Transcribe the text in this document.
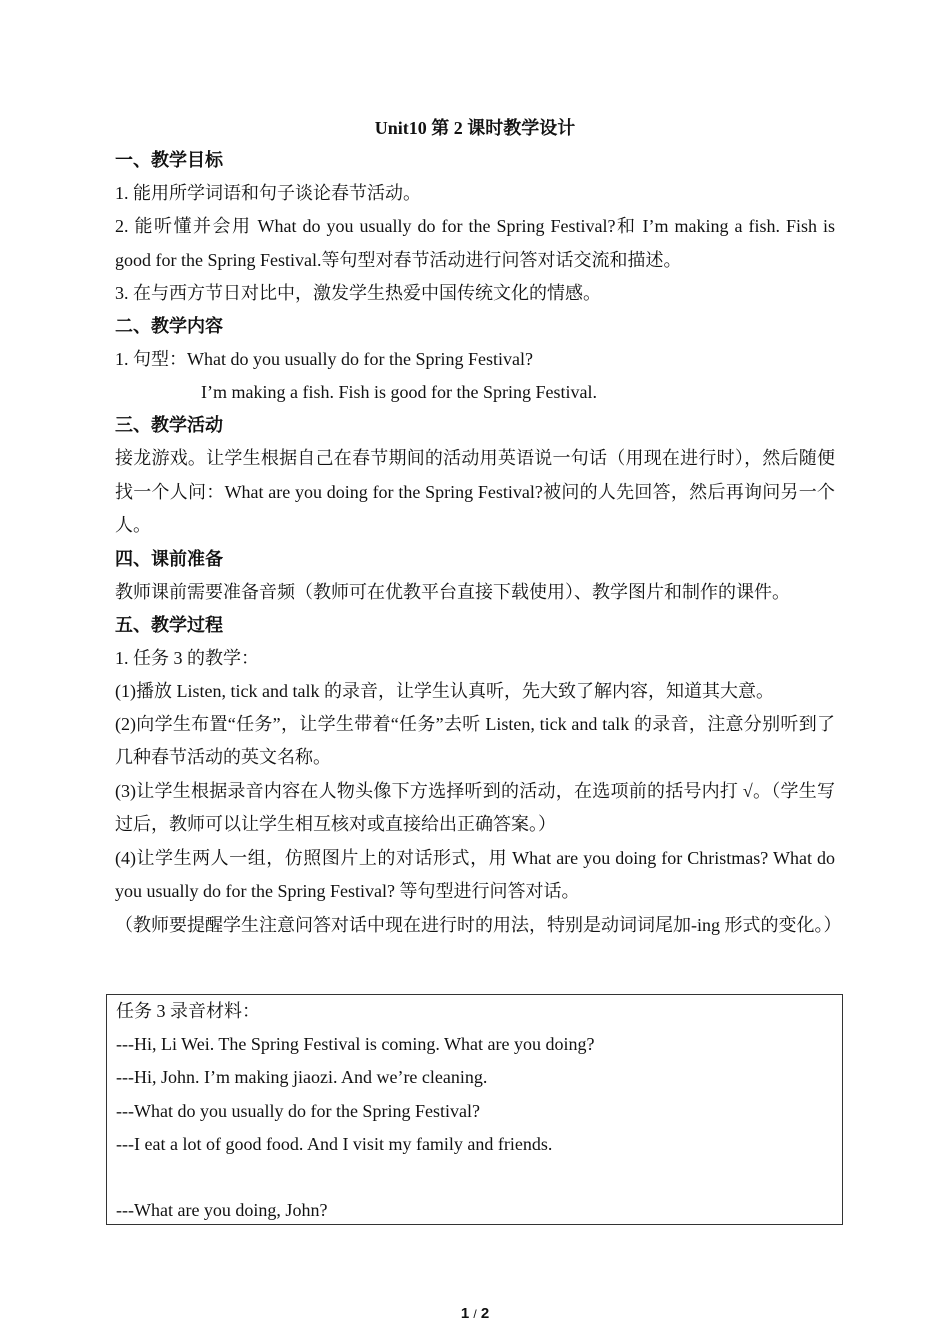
Unit10 第 2 课时教学设计
一、教学目标
1. 能用所学词语和句子谈论春节活动。
2. 能听懂并会用 What do you usually do for the Spring Festival?和 I’m making a fish. Fish is good for the Spring Festival.等句型对春节活动进行问答对话交流和描述。
3. 在与西方节日对比中，激发学生热爱中国传统文化的情感。
二、教学内容
1. 句型：What do you usually do for the Spring Festival?
I’m making a fish. Fish is good for the Spring Festival.
三、教学活动
接龙游戏。让学生根据自己在春节期间的活动用英语说一句话（用现在进行时），然后随便找一个人问：What are you doing for the Spring Festival?被问的人先回答，然后再询问另一个人。
四、课前准备
教师课前需要准备音频（教师可在优教平台直接下载使用）、教学图片和制作的课件。
五、教学过程
1. 任务 3 的教学：
(1)播放 Listen, tick and talk 的录音，让学生认真听，先大致了解内容，知道其大意。
(2)向学生布置“任务”，让学生带着“任务”去听 Listen, tick and talk 的录音，注意分别听到了几种春节活动的英文名称。
(3)让学生根据录音内容在人物头像下方选择听到的活动，在选项前的括号内打 √。（学生写过后，教师可以让学生相互核对或直接给出正确答案。）
(4)让学生两人一组，仿照图片上的对话形式，用 What are you doing for Christmas? What do you usually do for the Spring Festival? 等句型进行问答对话。
（教师要提醒学生注意问答对话中现在进行时的用法，特别是动词词尾加-ing 形式的变化。）
任务 3 录音材料：
---Hi, Li Wei. The Spring Festival is coming. What are you doing?
---Hi, John. I’m making jiaozi. And we’re cleaning.
---What do you usually do for the Spring Festival?
---I eat a lot of good food. And I visit my family and friends.
---What are you doing, John?
1 / 2
